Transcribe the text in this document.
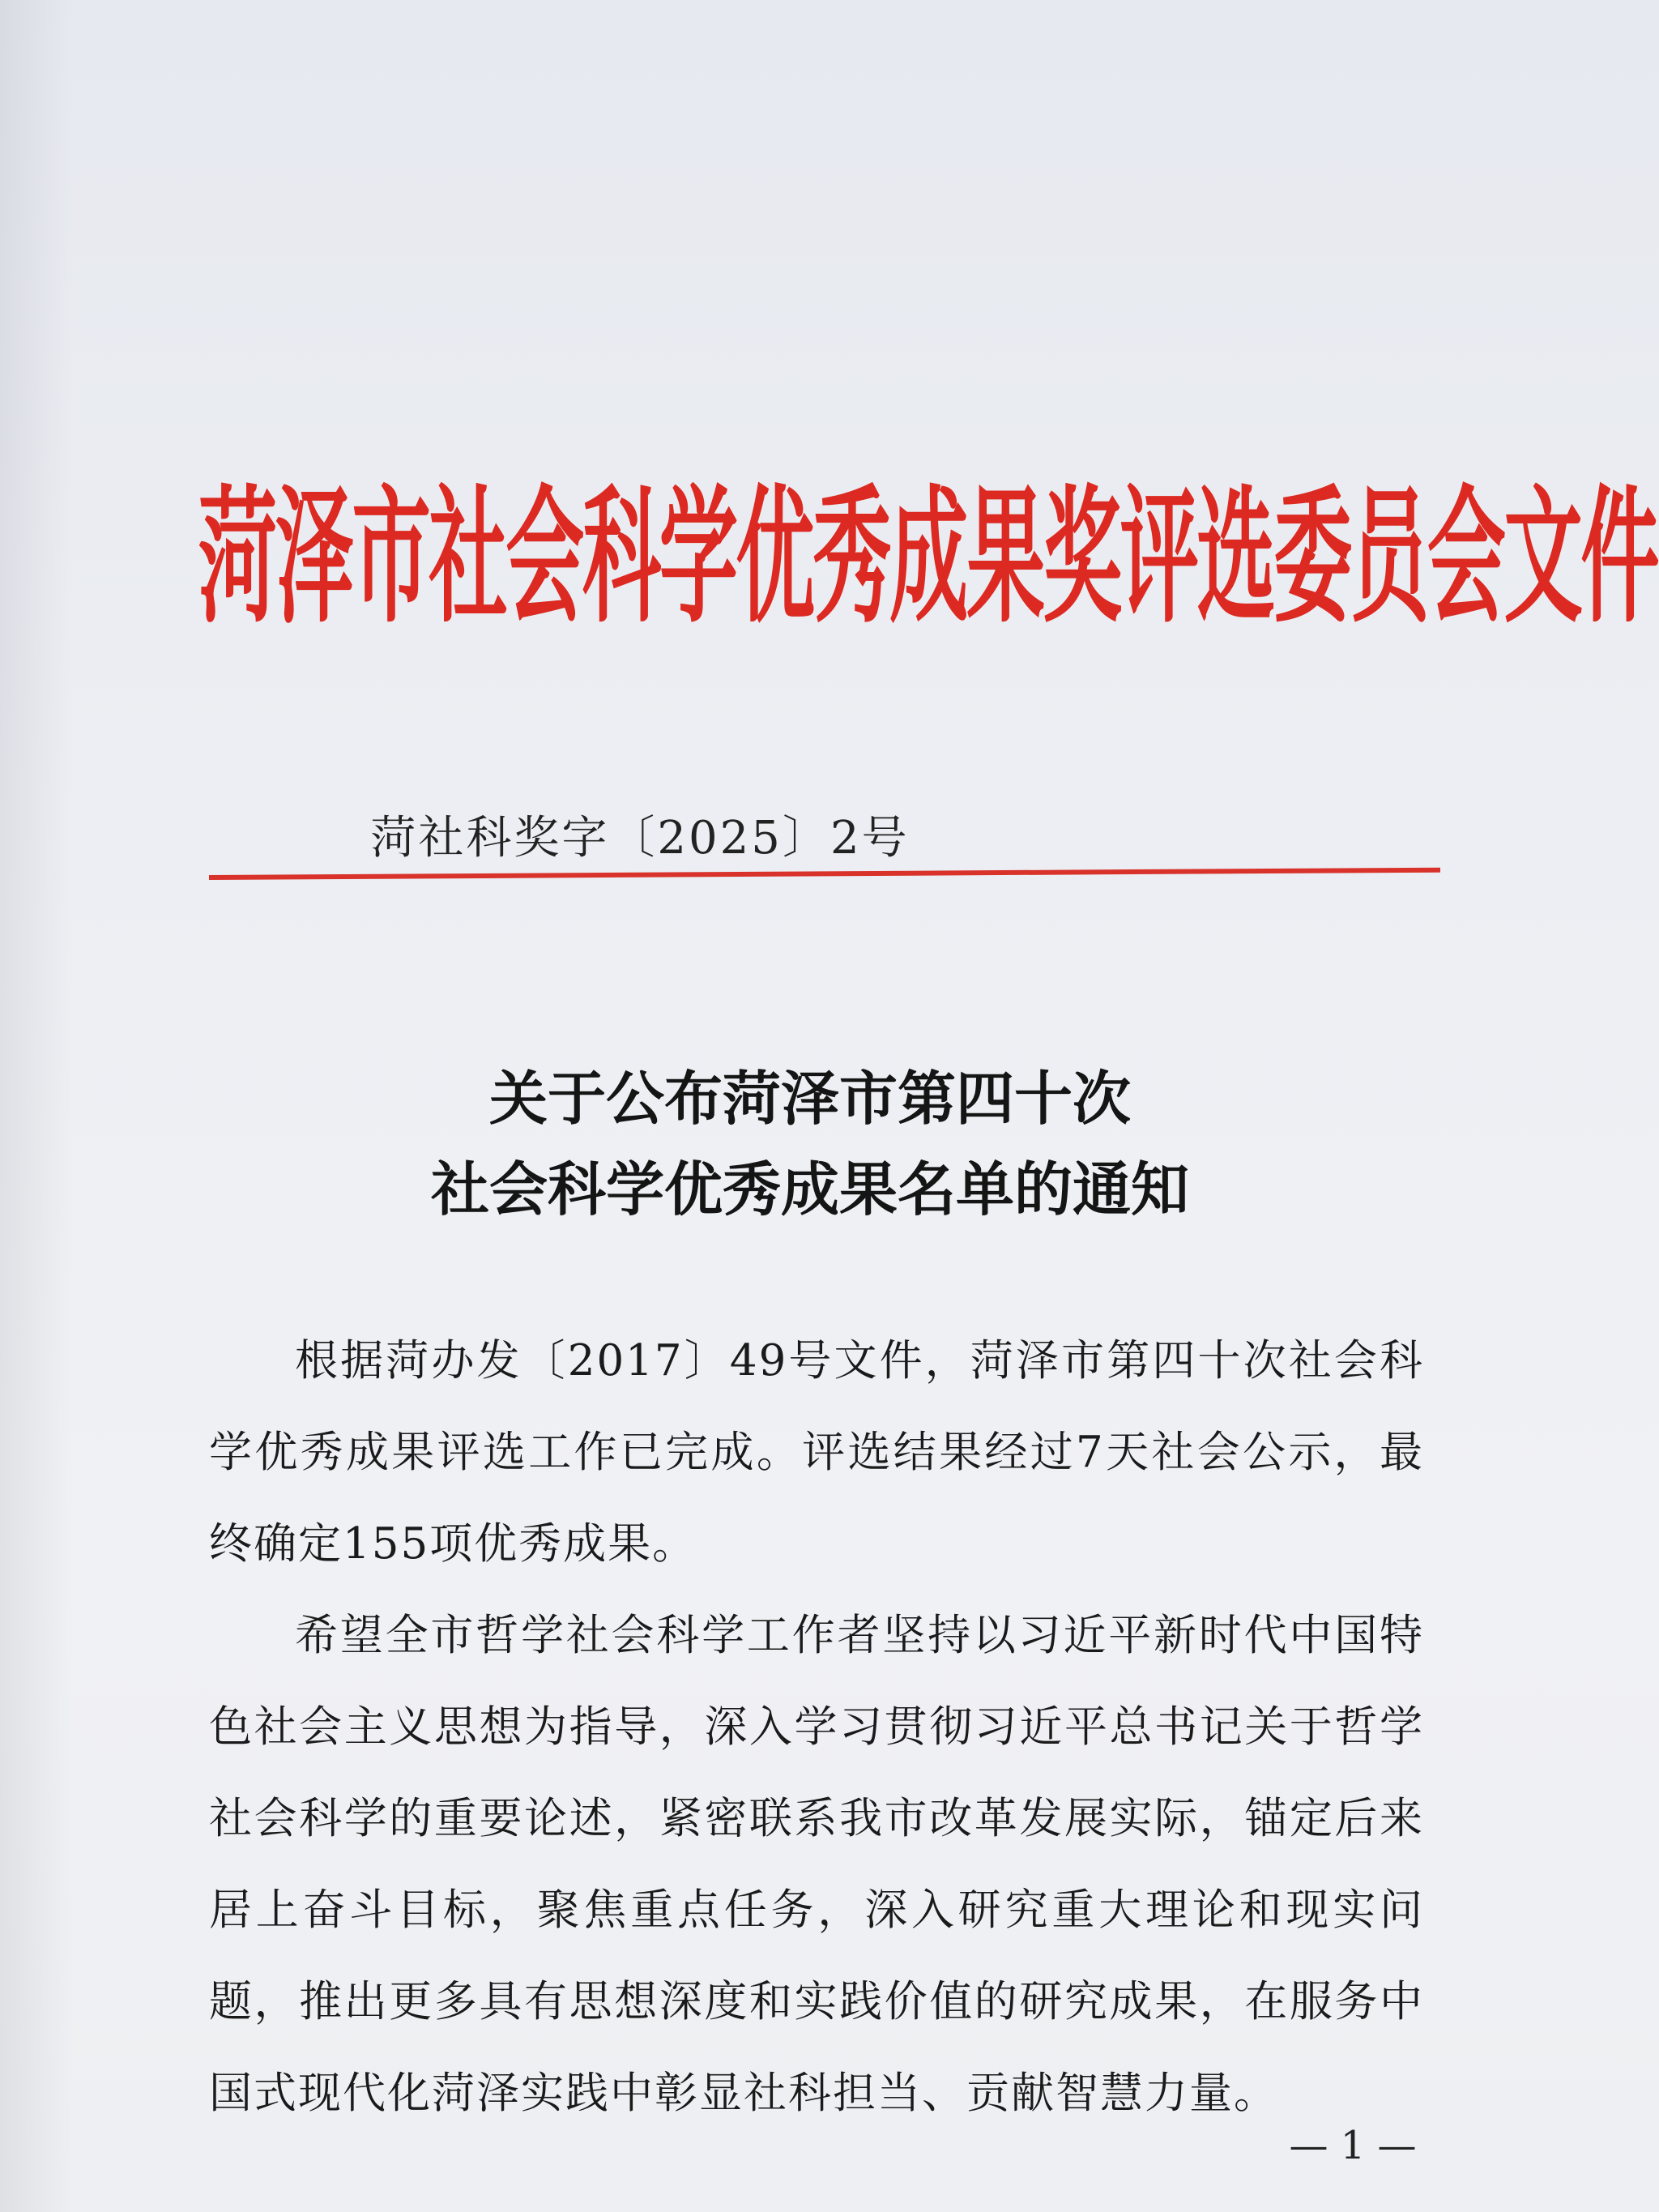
菏泽市社会科学优秀成果奖评选委员会文件
菏社科奖字〔2025〕2号
关于公布菏泽市第四十次
社会科学优秀成果名单的通知

根据菏办发〔2017〕49号文件，菏泽市第四十次社会科学优秀成果评选工作已完成。评选结果经过7天社会公示，最终确定155项优秀成果。

希望全市哲学社会科学工作者坚持以习近平新时代中国特色社会主义思想为指导，深入学习贯彻习近平总书记关于哲学社会科学的重要论述，紧密联系我市改革发展实际，锚定后来居上奋斗目标，聚焦重点任务，深入研究重大理论和现实问题，推出更多具有思想深度和实践价值的研究成果，在服务中国式现代化菏泽实践中彰显社科担当、贡献智慧力量。

— 1 —
